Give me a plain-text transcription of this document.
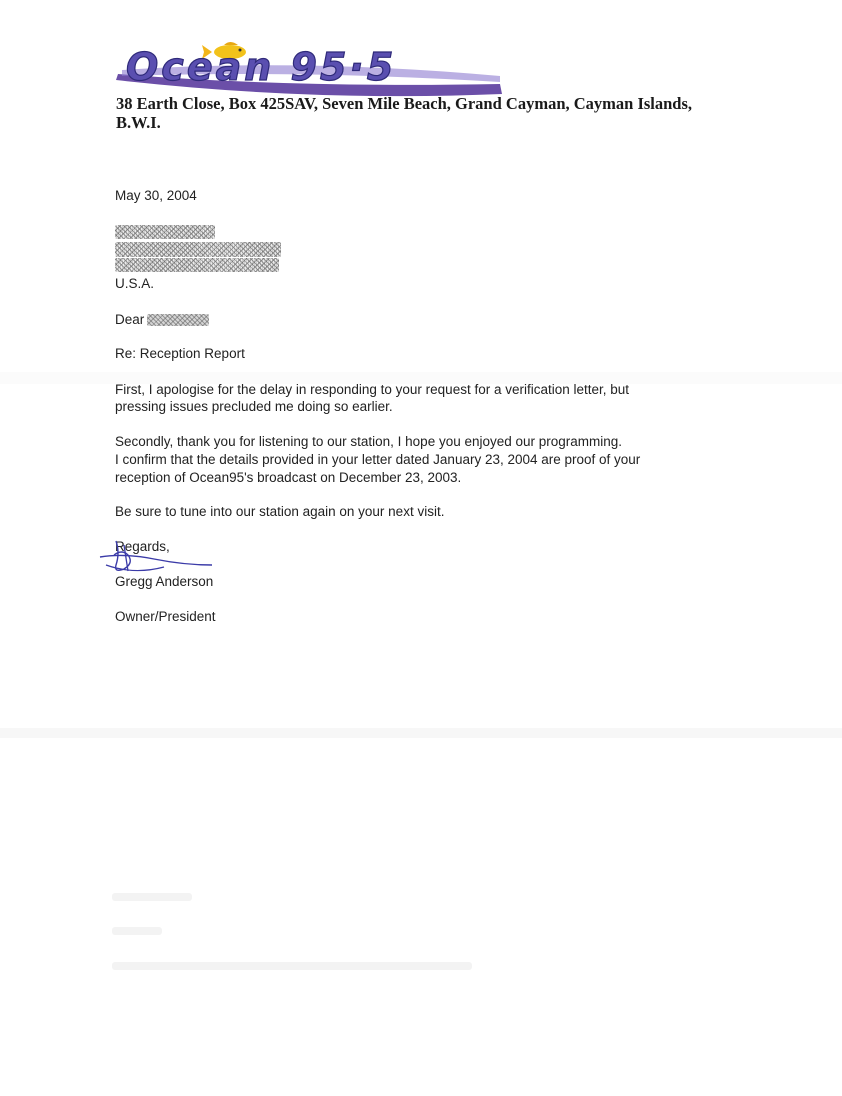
Ocean 95·5
38 Earth Close, Box 425SAV, Seven Mile Beach, Grand Cayman, Cayman Islands,
B.W.I.
May 30, 2004
U.S.A.
Dear
Re: Reception Report
First, I apologise for the delay in responding to your request for a verification letter, but
pressing issues precluded me doing so earlier.
Secondly, thank you for listening to our station, I hope you enjoyed our programming.
I confirm that the details provided in your letter dated January 23, 2004 are proof of your
reception of Ocean95's broadcast on December 23, 2003.
Be sure to tune into our station again on your next visit.
Regards,
Gregg Anderson
Owner/President
